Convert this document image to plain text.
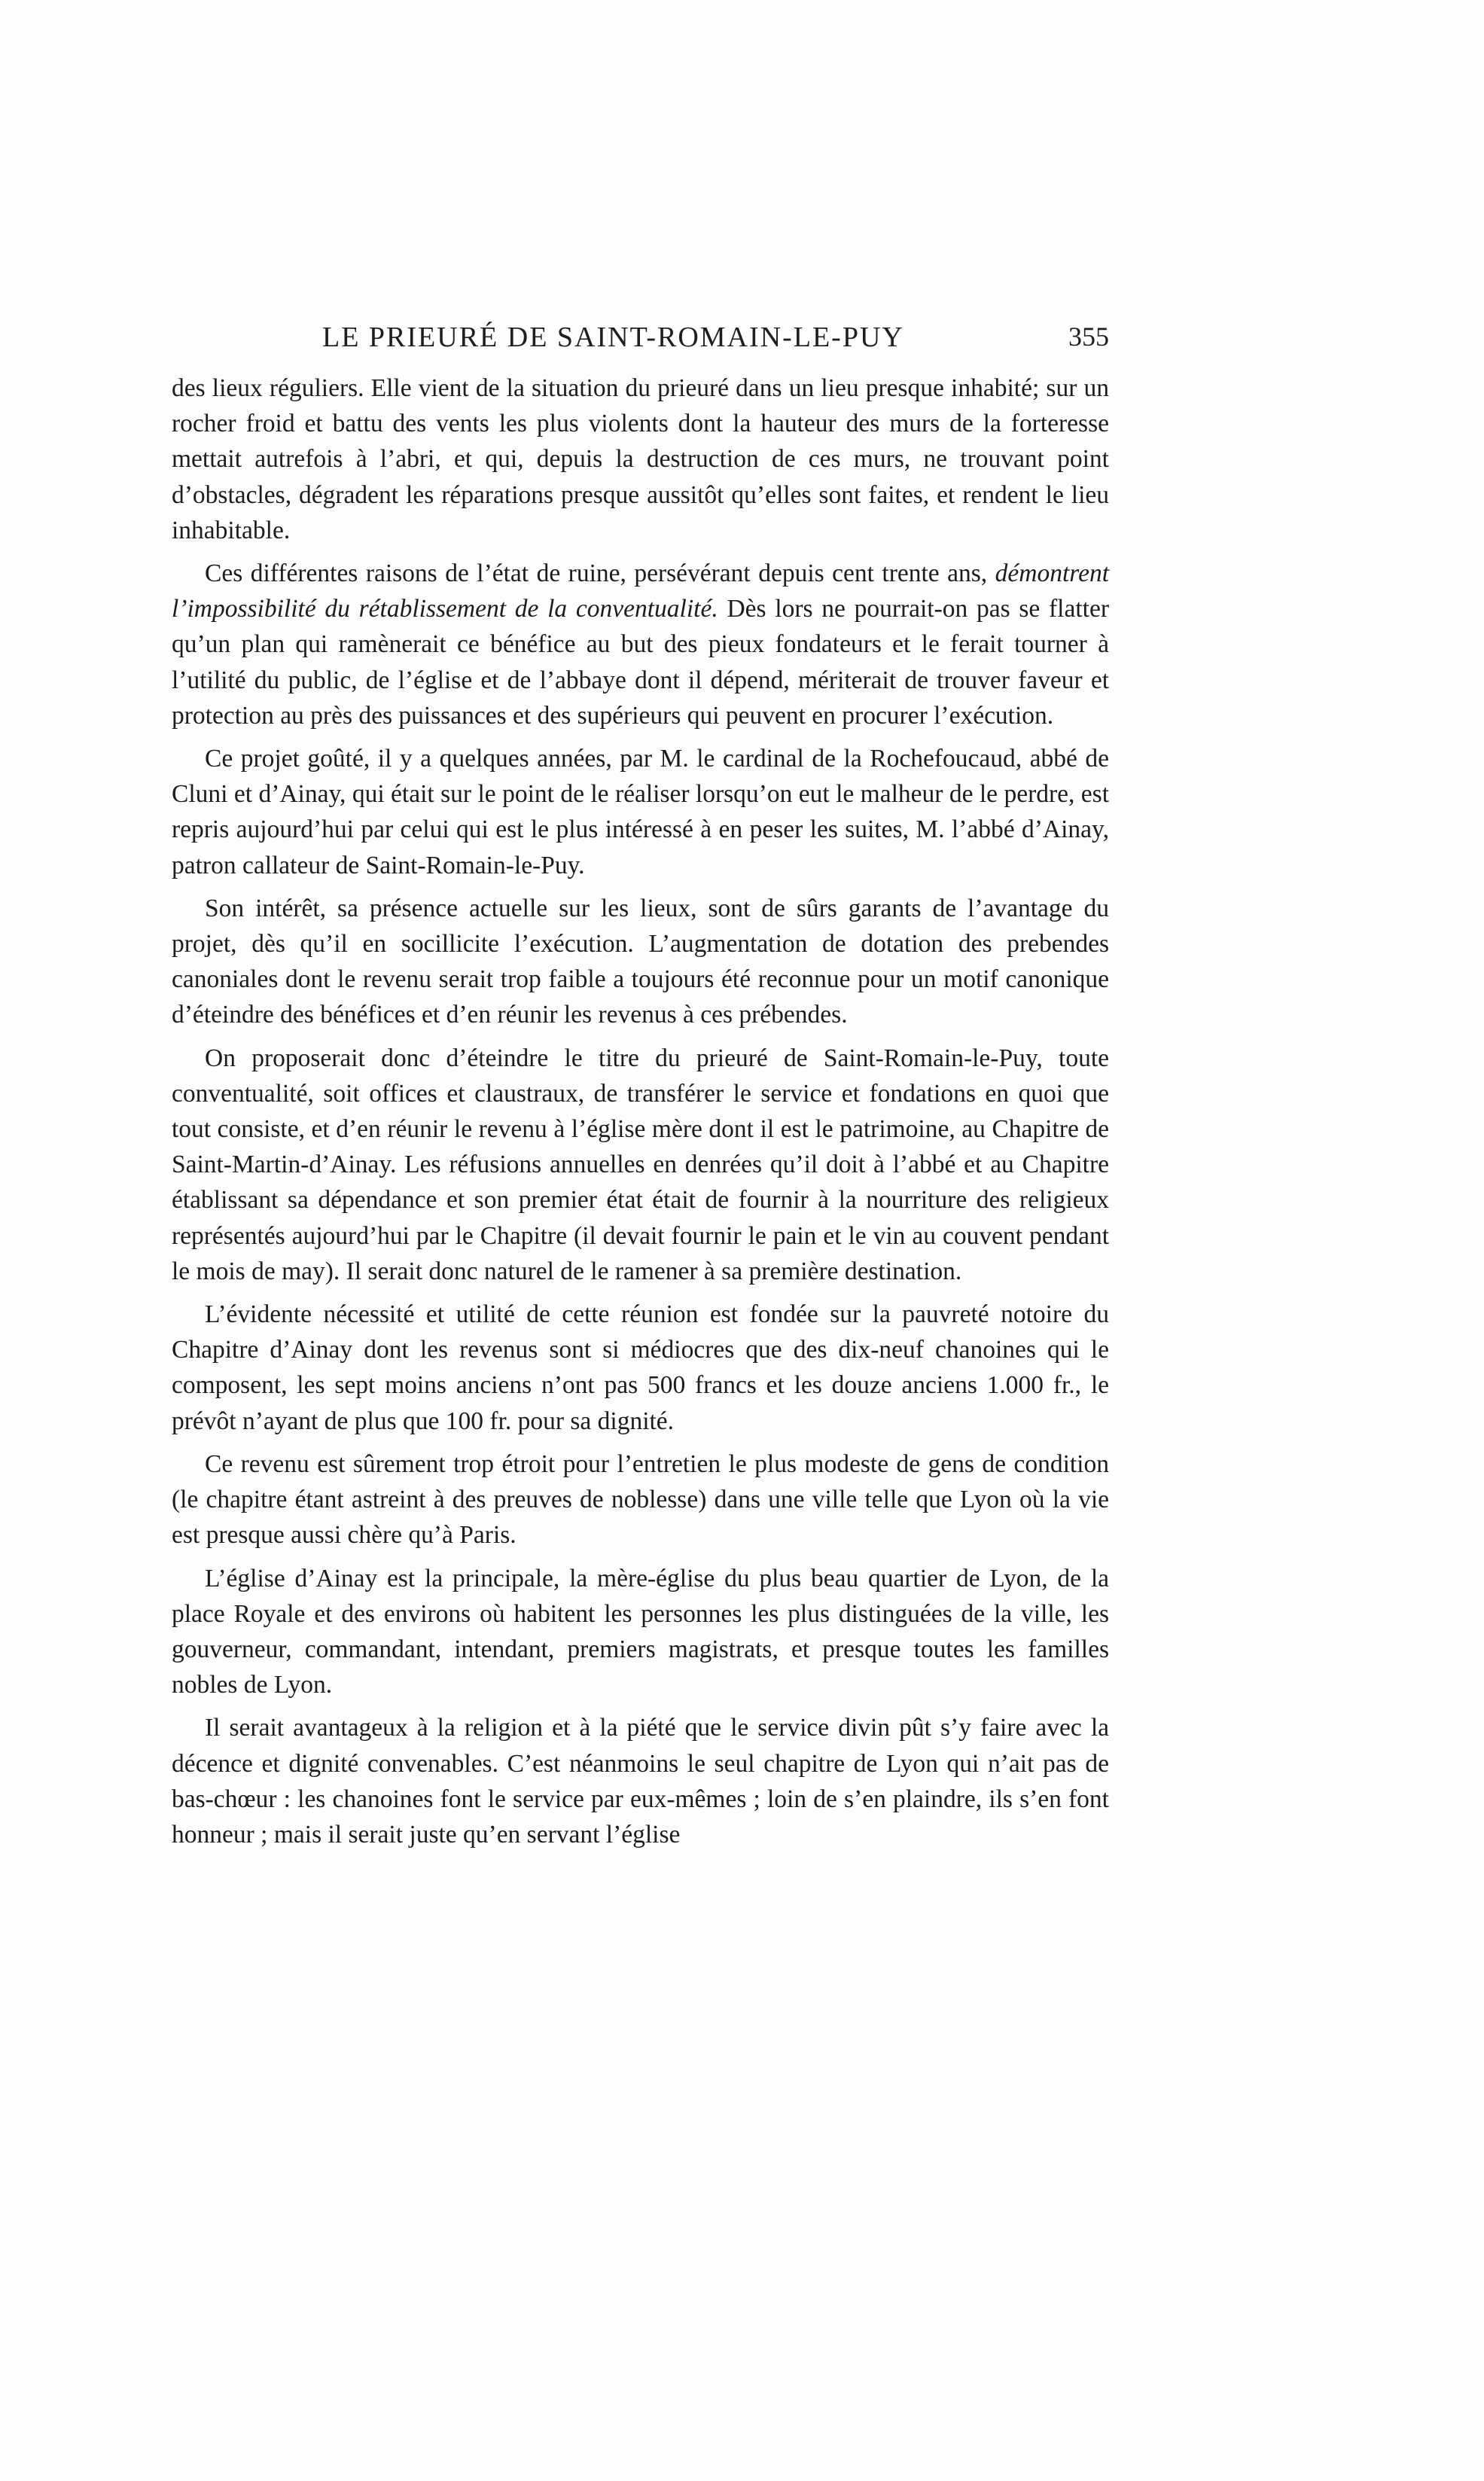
LE PRIEURÉ DE SAINT-ROMAIN-LE-PUY	355

des lieux réguliers. Elle vient de la situation du prieuré dans un lieu presque inhabité; sur un rocher froid et battu des vents les plus violents dont la hauteur des murs de la forteresse mettait autrefois à l’abri, et qui, depuis la destruction de ces murs, ne trouvant point d’obstacles, dégradent les réparations presque aussitôt qu’elles sont faites, et rendent le lieu inhabitable.

Ces différentes raisons de l’état de ruine, persévérant depuis cent trente ans, démontrent l’impossibilité du rétablissement de la conventualité. Dès lors ne pourrait-on pas se flatter qu’un plan qui ramènerait ce bénéfice au but des pieux fondateurs et le ferait tourner à l’utilité du public, de l’église et de l’abbaye dont il dépend, mériterait de trouver faveur et protection au près des puissances et des supérieurs qui peuvent en procurer l’exécution.

Ce projet goûté, il y a quelques années, par M. le cardinal de la Rochefoucaud, abbé de Cluni et d’Ainay, qui était sur le point de le réaliser lorsqu’on eut le malheur de le perdre, est repris aujourd’hui par celui qui est le plus intéressé à en peser les suites, M. l’abbé d’Ainay, patron callateur de Saint-Romain-le-Puy.

Son intérêt, sa présence actuelle sur les lieux, sont de sûrs garants de l’avantage du projet, dès qu’il en socillicite l’exécution. L’augmentation de dotation des prebendes canoniales dont le revenu serait trop faible a toujours été reconnue pour un motif canonique d’éteindre des bénéfices et d’en réunir les revenus à ces prébendes.

On proposerait donc d’éteindre le titre du prieuré de Saint-Romain-le-Puy, toute conventualité, soit offices et claustraux, de transférer le service et fondations en quoi que tout consiste, et d’en réunir le revenu à l’église mère dont il est le patrimoine, au Chapitre de Saint-Martin-d’Ainay. Les réfusions annuelles en denrées qu’il doit à l’abbé et au Chapitre établissant sa dépendance et son premier état était de fournir à la nourriture des religieux représentés aujourd’hui par le Chapitre (il devait fournir le pain et le vin au couvent pendant le mois de may). Il serait donc naturel de le ramener à sa première destination.

L’évidente nécessité et utilité de cette réunion est fondée sur la pauvreté notoire du Chapitre d’Ainay dont les revenus sont si médiocres que des dix-neuf chanoines qui le composent, les sept moins anciens n’ont pas 500 francs et les douze anciens 1.000 fr., le prévôt n’ayant de plus que 100 fr. pour sa dignité.

Ce revenu est sûrement trop étroit pour l’entretien le plus modeste de gens de condition (le chapitre étant astreint à des preuves de noblesse) dans une ville telle que Lyon où la vie est presque aussi chère qu’à Paris.

L’église d’Ainay est la principale, la mère-église du plus beau quartier de Lyon, de la place Royale et des environs où habitent les personnes les plus distinguées de la ville, les gouverneur, commandant, intendant, premiers magistrats, et presque toutes les familles nobles de Lyon.

Il serait avantageux à la religion et à la piété que le service divin pût s’y faire avec la décence et dignité convenables. C’est néanmoins le seul chapitre de Lyon qui n’ait pas de bas-chœur : les chanoines font le service par eux-mêmes ; loin de s’en plaindre, ils s’en font honneur ; mais il serait juste qu’en servant l’église
